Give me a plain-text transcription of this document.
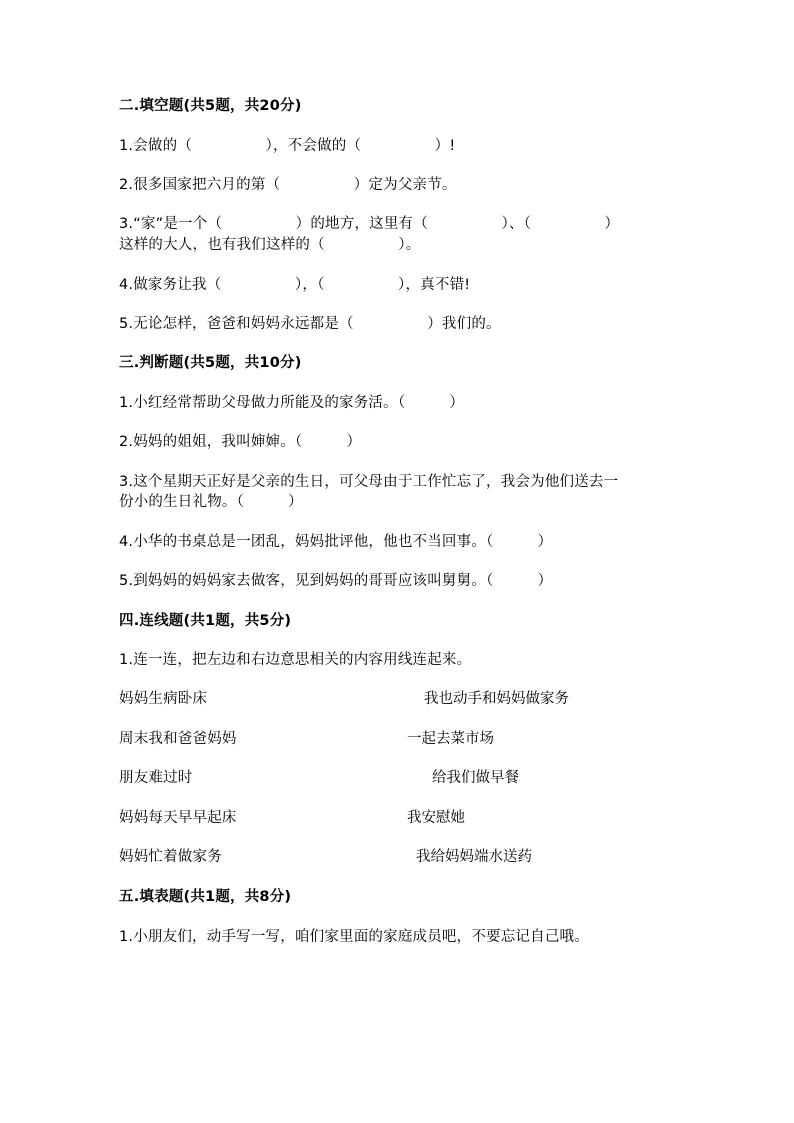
二.填空题(共5题，共20分)
1.会做的（　　　　　），不会做的（　　　　　）!
2.很多国家把六月的第（　　　　　）定为父亲节。
3.“家”是一个（　　　　　）的地方，这里有（　　　　　）、（　　　　　）
这样的大人，也有我们这样的（　　　　　）。
4.做家务让我（　　　　　），（　　　　　），真不错!
5.无论怎样，爸爸和妈妈永远都是（　　　　　）我们的。
三.判断题(共5题，共10分)
1.小红经常帮助父母做力所能及的家务活。（　　　）
2.妈妈的姐姐，我叫婶婶。（　　　）
3.这个星期天正好是父亲的生日，可父母由于工作忙忘了，我会为他们送去一
份小的生日礼物。（　　　）
4.小华的书桌总是一团乱，妈妈批评他，他也不当回事。（　　　）
5.到妈妈的妈妈家去做客，见到妈妈的哥哥应该叫舅舅。（　　　）
四.连线题(共1题，共5分)
1.连一连，把左边和右边意思相关的内容用线连起来。
妈妈生病卧床	我也动手和妈妈做家务
周末我和爸爸妈妈	一起去菜市场
朋友难过时	给我们做早餐
妈妈每天早早起床	我安慰她
妈妈忙着做家务	我给妈妈端水送药
五.填表题(共1题，共8分)
1.小朋友们，动手写一写，咱们家里面的家庭成员吧，不要忘记自己哦。
